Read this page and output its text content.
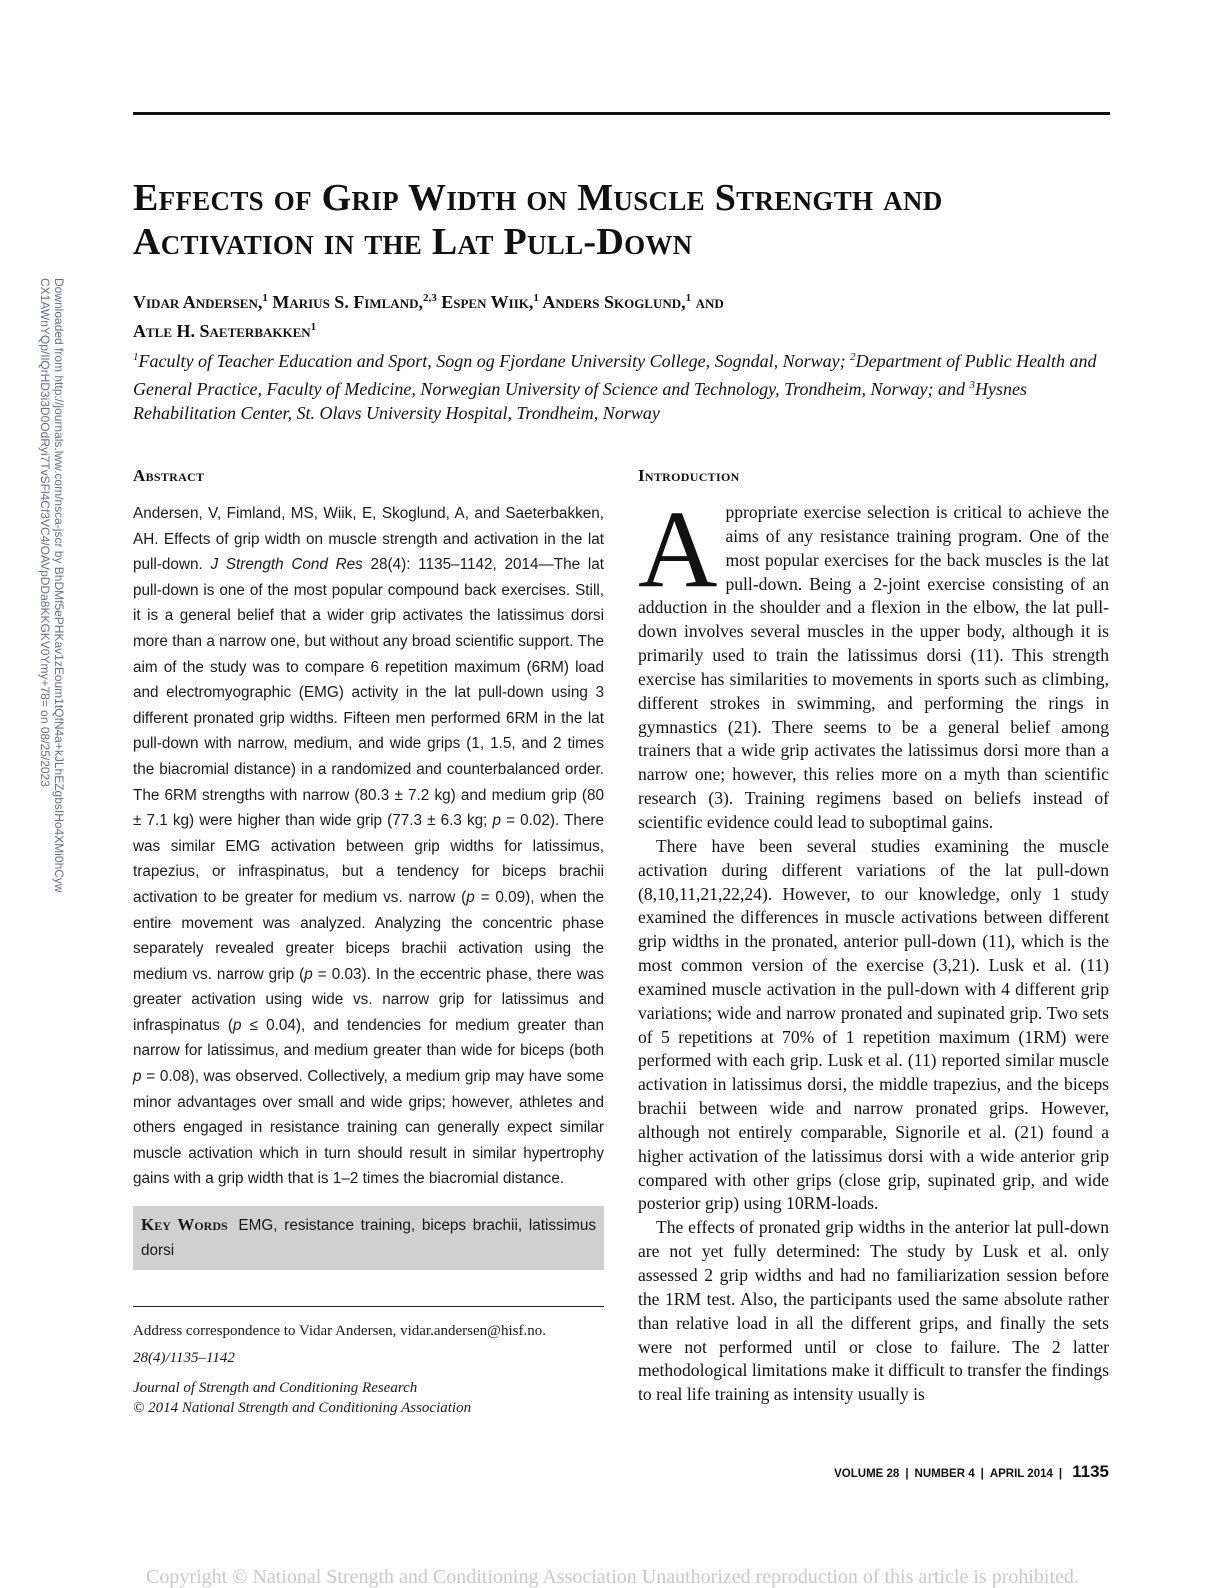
Downloaded from http://journals.lww.com/nsca-jscr by BhDMf5ePHKav1zEoum1tQfN4a+kJLhEZgbsIHo4XMi0hCyw
CX1AWnYQp/IlQrHD3i3D0OdRyi7TvSFl4Cf3VC4/OAVpDDa8KKGKV0Ymy+78= on 08/25/2023
Effects of Grip Width on Muscle Strength and
Activation in the Lat Pull-Down
Vidar Andersen,$^1$ Marius S. Fimland,$^{2,3}$ Espen Wiik,$^1$ Anders Skoglund,$^1$ and
Atle H. Saeterbakken$^1$
$^1$Faculty of Teacher Education and Sport, Sogn og Fjordane University College, Sogndal, Norway; $^2$Department of Public Health and General Practice, Faculty of Medicine, Norwegian University of Science and Technology, Trondheim, Norway; and $^3$Hysnes Rehabilitation Center, St. Olavs University Hospital, Trondheim, Norway
Abstract

Andersen, V, Fimland, MS, Wiik, E, Skoglund, A, and Saeterbakken, AH. Effects of grip width on muscle strength and activation in the lat pull-down. J Strength Cond Res 28(4): 1135–1142, 2014—The lat pull-down is one of the most popular compound back exercises. Still, it is a general belief that a wider grip activates the latissimus dorsi more than a narrow one, but without any broad scientific support. The aim of the study was to compare 6 repetition maximum (6RM) load and electromyographic (EMG) activity in the lat pull-down using 3 different pronated grip widths. Fifteen men performed 6RM in the lat pull-down with narrow, medium, and wide grips (1, 1.5, and 2 times the biacromial distance) in a randomized and counterbalanced order. The 6RM strengths with narrow (80.3 ± 7.2 kg) and medium grip (80 ± 7.1 kg) were higher than wide grip (77.3 ± 6.3 kg; p = 0.02). There was similar EMG activation between grip widths for latissimus, trapezius, or infraspinatus, but a tendency for biceps brachii activation to be greater for medium vs. narrow (p = 0.09), when the entire movement was analyzed. Analyzing the concentric phase separately revealed greater biceps brachii activation using the medium vs. narrow grip (p = 0.03). In the eccentric phase, there was greater activation using wide vs. narrow grip for latissimus and infraspinatus (p ≤ 0.04), and tendencies for medium greater than narrow for latissimus, and medium greater than wide for biceps (both p = 0.08), was observed. Collectively, a medium grip may have some minor advantages over small and wide grips; however, athletes and others engaged in resistance training can generally expect similar muscle activation which in turn should result in similar hypertrophy gains with a grip width that is 1–2 times the biacromial distance.

Key Words EMG, resistance training, biceps brachii, latissimus dorsi
Address correspondence to Vidar Andersen, vidar.andersen@hisf.no.
28(4)/1135–1142
Journal of Strength and Conditioning Research
© 2014 National Strength and Conditioning Association
Introduction

Appropriate exercise selection is critical to achieve the aims of any resistance training program. One of the most popular exercises for the back muscles is the lat pull-down. Being a 2-joint exercise consisting of an adduction in the shoulder and a flexion in the elbow, the lat pull-down involves several muscles in the upper body, although it is primarily used to train the latissimus dorsi (11). This strength exercise has similarities to movements in sports such as climbing, different strokes in swimming, and performing the rings in gymnastics (21). There seems to be a general belief among trainers that a wide grip activates the latissimus dorsi more than a narrow one; however, this relies more on a myth than scientific research (3). Training regimens based on beliefs instead of scientific evidence could lead to suboptimal gains.

There have been several studies examining the muscle activation during different variations of the lat pull-down (8,10,11,21,22,24). However, to our knowledge, only 1 study examined the differences in muscle activations between different grip widths in the pronated, anterior pull-down (11), which is the most common version of the exercise (3,21). Lusk et al. (11) examined muscle activation in the pull-down with 4 different grip variations; wide and narrow pronated and supinated grip. Two sets of 5 repetitions at 70% of 1 repetition maximum (1RM) were performed with each grip. Lusk et al. (11) reported similar muscle activation in latissimus dorsi, the middle trapezius, and the biceps brachii between wide and narrow pronated grips. However, although not entirely comparable, Signorile et al. (21) found a higher activation of the latissimus dorsi with a wide anterior grip compared with other grips (close grip, supinated grip, and wide posterior grip) using 10RM-loads.

The effects of pronated grip widths in the anterior lat pull-down are not yet fully determined: The study by Lusk et al. only assessed 2 grip widths and had no familiarization session before the 1RM test. Also, the participants used the same absolute rather than relative load in all the different grips, and finally the sets were not performed until or close to failure. The 2 latter methodological limitations make it difficult to transfer the findings to real life training as intensity usually is

VOLUME 28 | NUMBER 4 | APRIL 2014 | 1135
Copyright © National Strength and Conditioning Association Unauthorized reproduction of this article is prohibited.
